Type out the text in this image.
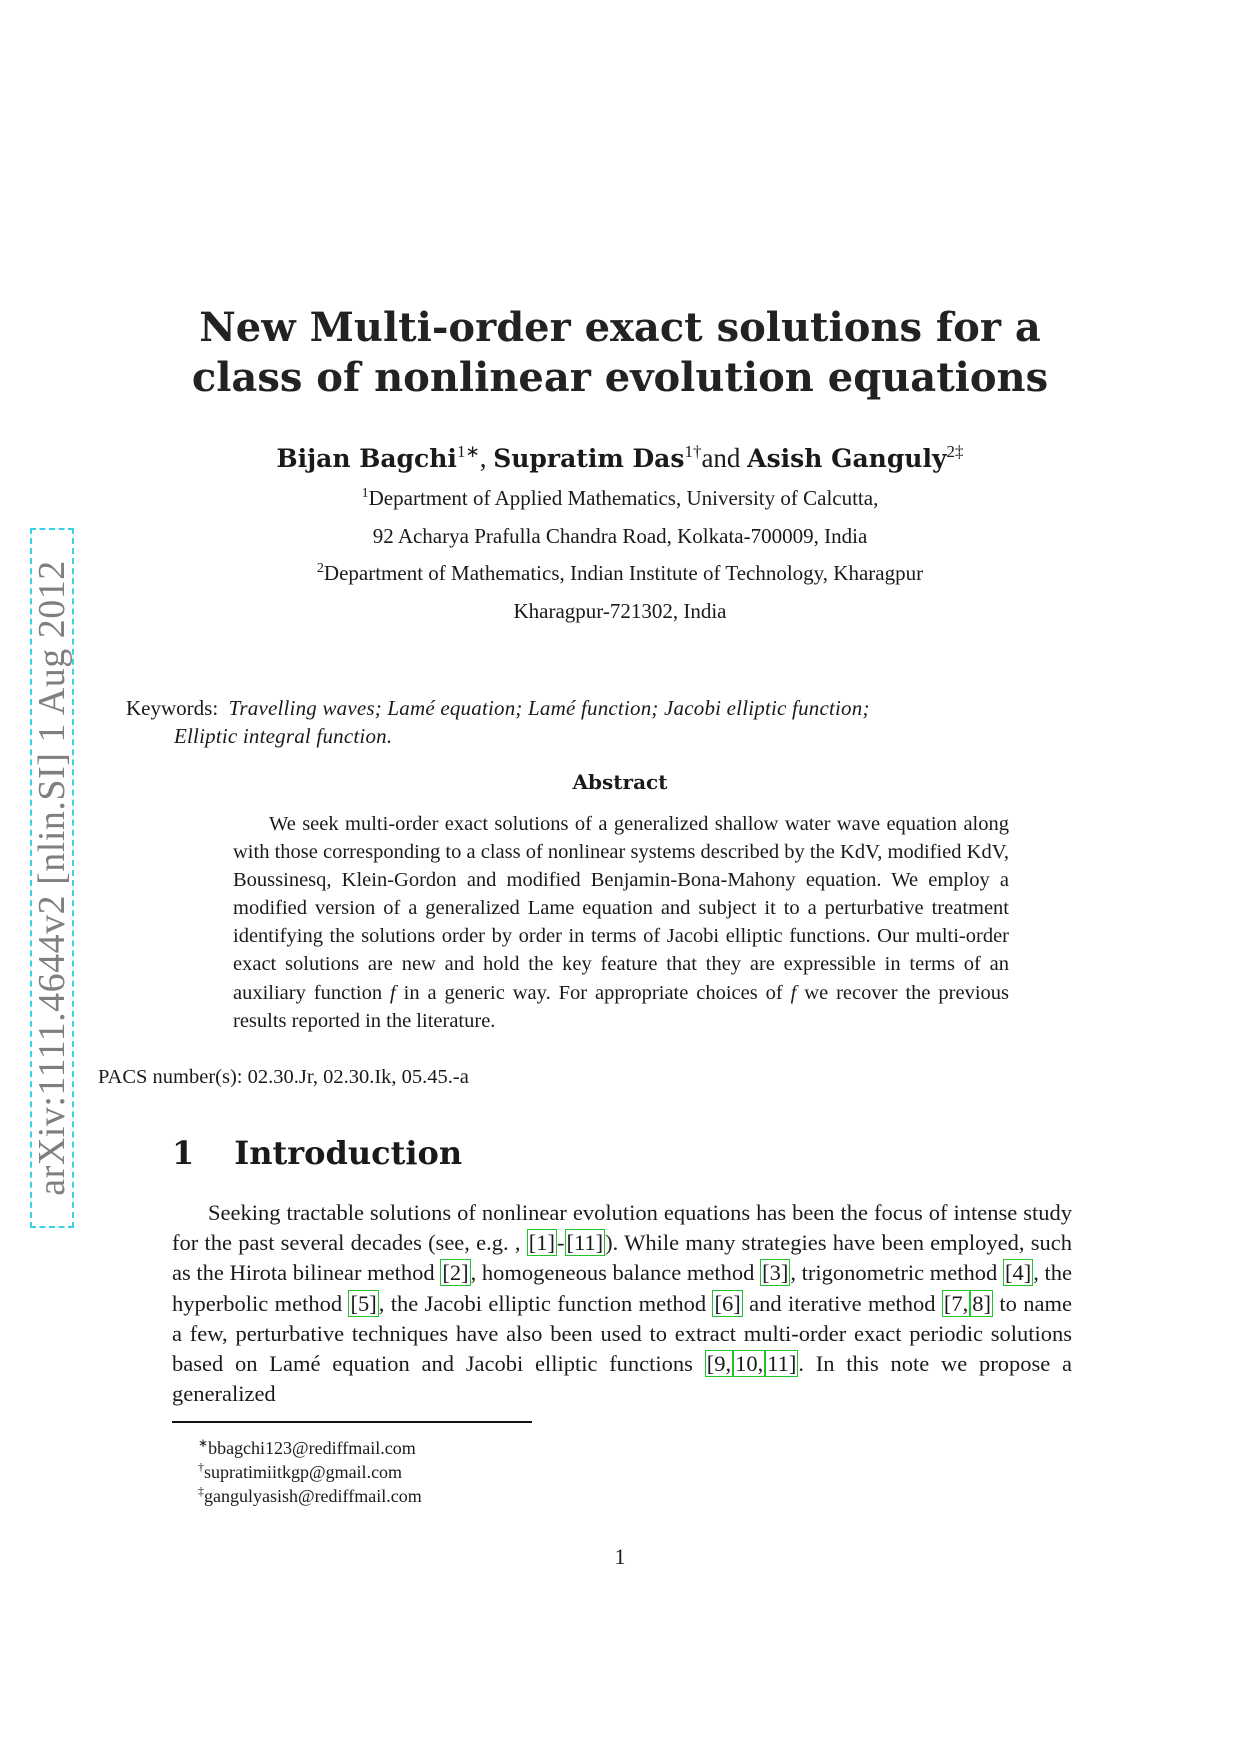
arXiv:1111.4644v2 [nlin.SI] 1 Aug 2012
New Multi-order exact solutions for a
class of nonlinear evolution equations
Bijan Bagchi$^{1∗}$, Supratim Das$^{1\dagger}$and Asish Ganguly$^{2\ddagger}$
$^1$Department of Applied Mathematics, University of Calcutta,
92 Acharya Prafulla Chandra Road, Kolkata-700009, India
$^2$Department of Mathematics, Indian Institute of Technology, Kharagpur
Kharagpur-721302, India
Keywords: Travelling waves; Lamé equation; Lamé function; Jacobi elliptic function;
Elliptic integral function.
Abstract
We seek multi-order exact solutions of a generalized shallow water wave equation along with those corresponding to a class of nonlinear systems described by the KdV, modified KdV, Boussinesq, Klein-Gordon and modified Benjamin-Bona-Mahony equation. We employ a modified version of a generalized Lame equation and subject it to a perturbative treatment identifying the solutions order by order in terms of Jacobi elliptic functions. Our multi-order exact solutions are new and hold the key feature that they are expressible in terms of an auxiliary function f in a generic way. For appropriate choices of f we recover the previous results reported in the literature.
PACS number(s): 02.30.Jr, 02.30.Ik, 05.45.-a
1 Introduction
Seeking tractable solutions of nonlinear evolution equations has been the focus of intense study for the past several decades (see, e.g. , [1]-[11]). While many strategies have been employed, such as the Hirota bilinear method [2], homogeneous balance method [3], trigonometric method [4], the hyperbolic method [5], the Jacobi elliptic function method [6] and iterative method [7, 8] to name a few, perturbative techniques have also been used to extract multi-order exact periodic solutions based on Lamé equation and Jacobi elliptic functions [9, 10, 11]. In this note we propose a generalized
∗bbagchi123@rediffmail.com
†supratimiitkgp@gmail.com
‡gangulyasish@rediffmail.com
1
